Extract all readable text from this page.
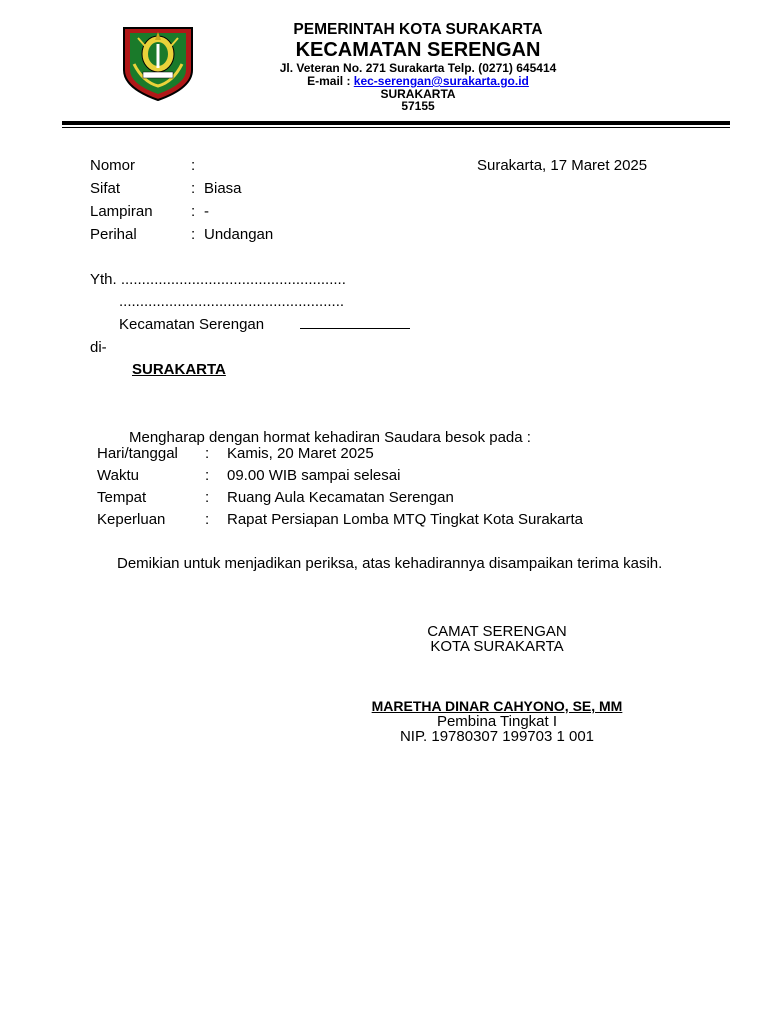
PEMERINTAH KOTA SURAKARTA
KECAMATAN SERENGAN
Jl. Veteran No. 271 Surakarta Telp. (0271) 645414
E-mail : kec-serengan@surakarta.go.id
SURAKARTA
57155
Nomor	:	Surakarta, 17 Maret 2025
Sifat	: Biasa
Lampiran	: -
Perihal	: Undangan
Yth. ......................................................
......................................................
Kecamatan Serengan
di-
SURAKARTA
Mengharap dengan hormat kehadiran Saudara besok pada :
Hari/tanggal : Kamis, 20 Maret 2025
Waktu	: 09.00 WIB sampai selesai
Tempat	: Ruang Aula Kecamatan Serengan
Keperluan	: Rapat Persiapan Lomba MTQ Tingkat Kota Surakarta
Demikian untuk menjadikan periksa, atas kehadirannya disampaikan terima kasih.
CAMAT SERENGAN
KOTA SURAKARTA
MARETHA DINAR CAHYONO, SE, MM
Pembina Tingkat I
NIP. 19780307 199703 1 001
